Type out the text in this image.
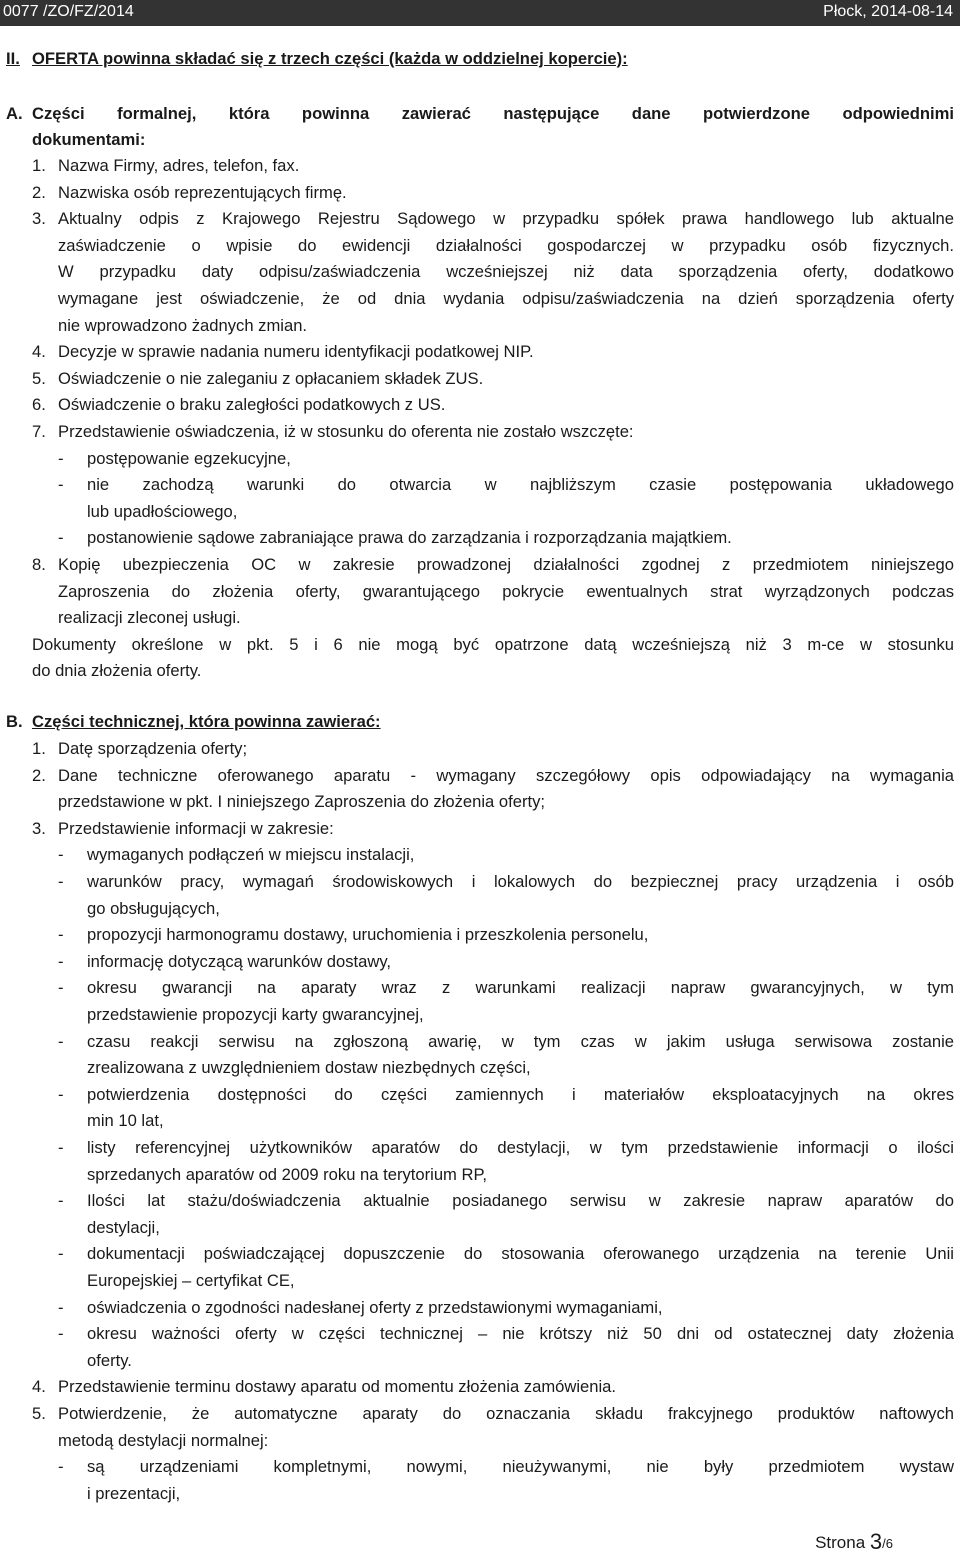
0077 /ZO/FZ/2014	Płock, 2014-08-14
II. OFERTA powinna składać się z trzech części (każda w oddzielnej kopercie):
A. Części formalnej, która powinna zawierać następujące dane potwierdzone odpowiednimi
dokumentami:
1. Nazwa Firmy, adres, telefon, fax.
2. Nazwiska osób reprezentujących firmę.
3. Aktualny odpis z Krajowego Rejestru Sądowego w przypadku spółek prawa handlowego lub aktualne
zaświadczenie o wpisie do ewidencji działalności gospodarczej w przypadku osób fizycznych.
W przypadku daty odpisu/zaświadczenia wcześniejszej niż data sporządzenia oferty, dodatkowo
wymagane jest oświadczenie, że od dnia wydania odpisu/zaświadczenia na dzień sporządzenia oferty
nie wprowadzono żadnych zmian.
4. Decyzje w sprawie nadania numeru identyfikacji podatkowej NIP.
5. Oświadczenie o nie zaleganiu z opłacaniem składek ZUS.
6. Oświadczenie o braku zaległości podatkowych z US.
7. Przedstawienie oświadczenia, iż w stosunku do oferenta nie zostało wszczęte:
- postępowanie egzekucyjne,
- nie zachodzą warunki do otwarcia w najbliższym czasie postępowania układowego
lub upadłościowego,
- postanowienie sądowe zabraniające prawa do zarządzania i rozporządzania majątkiem.
8. Kopię ubezpieczenia OC w zakresie prowadzonej działalności zgodnej z przedmiotem niniejszego
Zaproszenia do złożenia oferty, gwarantującego pokrycie ewentualnych strat wyrządzonych podczas
realizacji zleconej usługi.
Dokumenty określone w pkt. 5 i 6 nie mogą być opatrzone datą wcześniejszą niż 3 m-ce w stosunku
do dnia złożenia oferty.
B. Części technicznej, która powinna zawierać:
1. Datę sporządzenia oferty;
2. Dane techniczne oferowanego aparatu - wymagany szczegółowy opis odpowiadający na wymagania
przedstawione w pkt. I niniejszego Zaproszenia do złożenia oferty;
3. Przedstawienie informacji w zakresie:
- wymaganych podłączeń w miejscu instalacji,
- warunków pracy, wymagań środowiskowych i lokalowych do bezpiecznej pracy urządzenia i osób
go obsługujących,
- propozycji harmonogramu dostawy, uruchomienia i przeszkolenia personelu,
- informację dotyczącą warunków dostawy,
- okresu gwarancji na aparaty wraz z warunkami realizacji napraw gwarancyjnych, w tym
przedstawienie propozycji karty gwarancyjnej,
- czasu reakcji serwisu na zgłoszoną awarię, w tym czas w jakim usługa serwisowa zostanie
zrealizowana z uwzględnieniem dostaw niezbędnych części,
- potwierdzenia dostępności do części zamiennych i materiałów eksploatacyjnych na okres
min 10 lat,
- listy referencyjnej użytkowników aparatów do destylacji, w tym przedstawienie informacji o ilości
sprzedanych aparatów od 2009 roku na terytorium RP,
- Ilości lat stażu/doświadczenia aktualnie posiadanego serwisu w zakresie napraw aparatów do
destylacji,
- dokumentacji poświadczającej dopuszczenie do stosowania oferowanego urządzenia na terenie Unii
Europejskiej – certyfikat CE,
- oświadczenia o zgodności nadesłanej oferty z przedstawionymi wymaganiami,
- okresu ważności oferty w części technicznej – nie krótszy niż 50 dni od ostatecznej daty złożenia
oferty.
4. Przedstawienie terminu dostawy aparatu od momentu złożenia zamówienia.
5. Potwierdzenie, że automatyczne aparaty do oznaczania składu frakcyjnego produktów naftowych
metodą destylacji normalnej:
- są urządzeniami kompletnymi, nowymi, nieużywanymi, nie były przedmiotem wystaw
i prezentacji,
Strona 3/6
